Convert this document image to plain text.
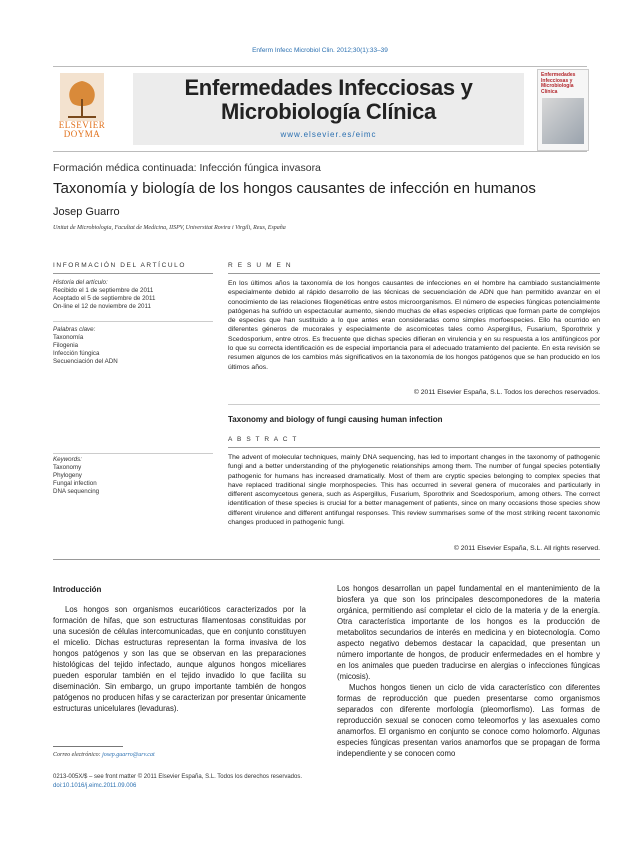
Enferm Infecc Microbiol Clin. 2012;30(1):33–39
ELSEVIER
DOYMA
Enfermedades Infecciosas y
Microbiología Clínica
www.elsevier.es/eimc
Enfermedades Infecciosas y Microbiología Clínica
Formación médica continuada: Infección fúngica invasora
Taxonomía y biología de los hongos causantes de infección en humanos
Josep Guarro
Unitat de Microbiologia, Facultat de Medicina, IISPV, Universitat Rovira i Virgili, Reus, España
INFORMACIÓN DEL ARTÍCULO
Historia del artículo:
Recibido el 1 de septiembre de 2011
Aceptado el 5 de septiembre de 2011
On-line el 12 de noviembre de 2011
Palabras clave:
Taxonomía
Filogenia
Infección fúngica
Secuenciación del ADN
Keywords:
Taxonomy
Phylogeny
Fungal infection
DNA sequencing
R E S U M E N
En los últimos años la taxonomía de los hongos causantes de infecciones en el hombre ha cambiado sustancialmente especialmente debido al rápido desarrollo de las técnicas de secuenciación de ADN que han permitido avanzar en el conocimiento de las relaciones filogenéticas entre estos microorganismos. El número de especies fúngicas potencialmente patógenas ha sufrido un espectacular aumento, siendo muchas de ellas especies crípticas que forman parte de complejos de especies que han sustituido a lo que antes eran consideradas como simples morfoespecies. Ello ha ocurrido en diferentes géneros de mucorales y especialmente de ascomicetes tales como Aspergillus, Fusarium, Sporothrix y Scedosporium, entre otros. Es frecuente que dichas species difieran en virulencia y en su respuesta a los antifúngicos por lo que su correcta identificación es de especial importancia para el adecuado tratamiento del paciente. En esta revisión se resumen algunos de los cambios más significativos en la taxonomía de los hongos patógenos que se han producido en los últimos años.
© 2011 Elsevier España, S.L. Todos los derechos reservados.
Taxonomy and biology of fungi causing human infection
A B S T R A C T
The advent of molecular techniques, mainly DNA sequencing, has led to important changes in the taxonomy of pathogenic fungi and a better understanding of the phylogenetic relationships among them. The number of fungal species potentially pathogenic for humans has increased dramatically. Most of them are cryptic species belonging to complex species that have replaced traditional single morphospecies. This has occurred in several genera of mucorales and particularly in different ascomycetous genera, such as Aspergillus, Fusarium, Sporothrix and Scedosporium, among others. The correct identification of these species is crucial for a better management of patients, since on many occasions those species show different virulence and different antifungal responses. This review summarises some of the most striking recent taxonomic changes produced in pathogenic fungi.
© 2011 Elsevier España, S.L. All rights reserved.
Introducción

Los hongos son organismos eucarióticos caracterizados por la formación de hifas, que son estructuras filamentosas constituidas por una sucesión de células intercomunicadas, que en conjunto constituyen el micelio. Dichas estructuras representan la forma invasiva de los hongos patógenos y son las que se observan en las preparaciones histológicas del tejido infectado, aunque algunos hongos miceliares pueden esporular también en el tejido invadido lo que facilita su diseminación. Sin embargo, un grupo importante también de hongos patógenos no producen hifas y se caracterizan por presentar únicamente estructuras unicelulares (levaduras).

Los hongos desarrollan un papel fundamental en el mantenimiento de la biosfera ya que son los principales descomponedores de la materia orgánica, permitiendo así completar el ciclo de la materia y de la energía. Otra característica importante de los hongos es la producción de metabolitos secundarios de interés en medicina y en biotecnología. Como aspecto negativo debemos destacar la capacidad, que presentan un número importante de hongos, de producir enfermedades en el hombre y en los animales que pueden traducirse en alergias o infecciones fúngicas (micosis).

Muchos hongos tienen un ciclo de vida característico con diferentes formas de reproducción que pueden presentarse como organismos separados con diferente morfología (pleomorfismo). Las formas de reproducción sexual se conocen como teleomorfos y las asexuales como anamorfos. El organismo en conjunto se conoce como holomorfo. Algunas especies fúngicas presentan varios anamorfos que se propagan de forma independiente y se conocen como

Correo electrónico: josep.guarro@urv.cat
0213-005X/$ – see front matter © 2011 Elsevier España, S.L. Todos los derechos reservados.
doi:10.1016/j.eimc.2011.09.006
